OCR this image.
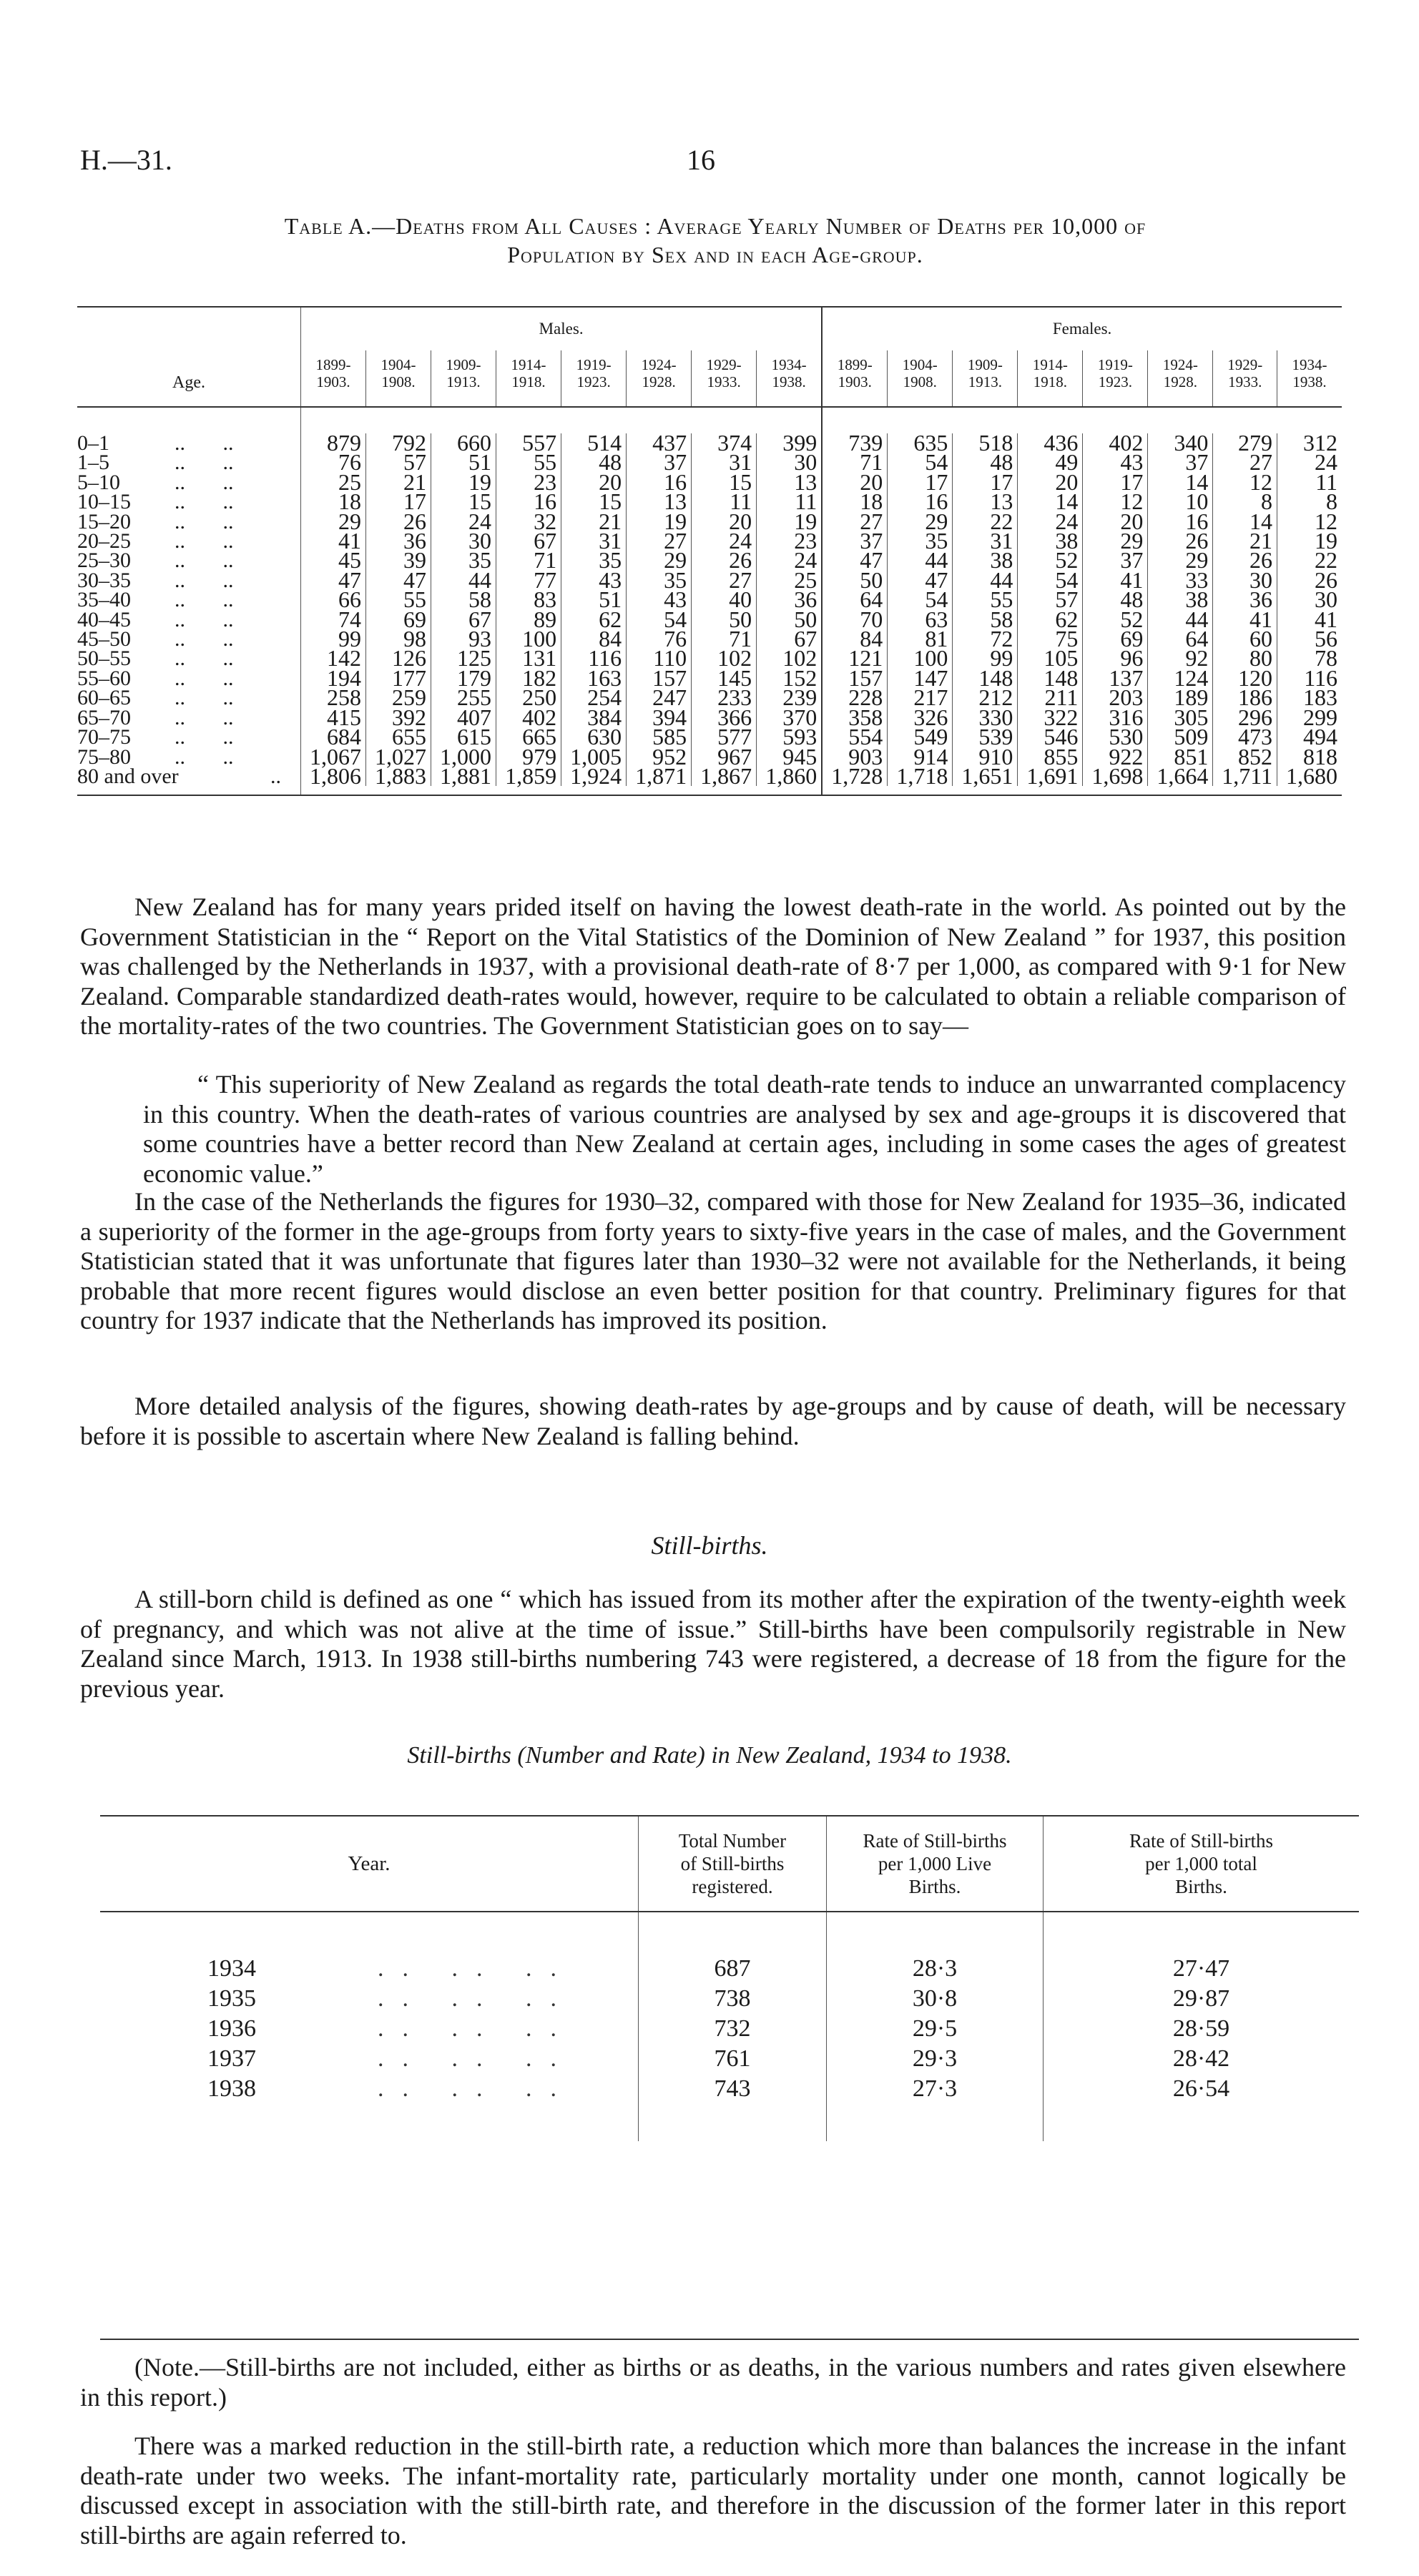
H.—31.	16
Table A.—Deaths from All Causes : Average Yearly Number of Deaths per 10,000 of
Population by Sex and in each Age-group.
Age.	Males.								Females.							
	1899-
1903.	1904-
1908.	1909-
1913.	1914-
1918.	1919-
1923.	1924-
1928.	1929-
1933.	1934-
1938.	1899-
1903.	1904-
1908.	1909-
1913.	1914-
1918.	1919-
1923.	1924-
1928.	1929-
1933.	1934-
1938.

0–1 ..       ..	879	792	660	557	514	437	374	399	739	635	518	436	402	340	279	312
1–5 ..       ..	76	57	51	55	48	37	31	30	71	54	48	49	43	37	27	24
5–10 ..       ..	25	21	19	23	20	16	15	13	20	17	17	20	17	14	12	11
10–15 ..       ..	18	17	15	16	15	13	11	11	18	16	13	14	12	10	8	8
15–20 ..       ..	29	26	24	32	21	19	20	19	27	29	22	24	20	16	14	12
20–25 ..       ..	41	36	30	67	31	27	24	23	37	35	31	38	29	26	21	19
25–30 ..       ..	45	39	35	71	35	29	26	24	47	44	38	52	37	29	26	22
30–35 ..       ..	47	47	44	77	43	35	27	25	50	47	44	54	41	33	30	26
35–40 ..       ..	66	55	58	83	51	43	40	36	64	54	55	57	48	38	36	30
40–45 ..       ..	74	69	67	89	62	54	50	50	70	63	58	62	52	44	41	41
45–50 ..       ..	99	98	93	100	84	76	71	67	84	81	72	75	69	64	60	56
50–55 ..       ..	142	126	125	131	116	110	102	102	121	100	99	105	96	92	80	78
55–60 ..       ..	194	177	179	182	163	157	145	152	157	147	148	148	137	124	120	116
60–65 ..       ..	258	259	255	250	254	247	233	239	228	217	212	211	203	189	186	183
65–70 ..       ..	415	392	407	402	384	394	366	370	358	326	330	322	316	305	296	299
70–75 ..       ..	684	655	615	665	630	585	577	593	554	549	539	546	530	509	473	494
75–80 ..       ..	1,067	1,027	1,000	979	1,005	952	967	945	903	914	910	855	922	851	852	818
80 and over ..	1,806	1,883	1,881	1,859	1,924	1,871	1,867	1,860	1,728	1,718	1,651	1,691	1,698	1,664	1,711	1,680

New Zealand has for many years prided itself on having the lowest death-rate in the world. As pointed out by the Government Statistician in the “ Report on the Vital Statistics of the Dominion of New Zealand ” for 1937, this position was challenged by the Netherlands in 1937, with a provisional death-rate of 8·7 per 1,000, as compared with 9·1 for New Zealand. Comparable standardized death-rates would, however, require to be calculated to obtain a reliable comparison of the mortality-rates of the two countries. The Government Statistician goes on to say—
“ This superiority of New Zealand as regards the total death-rate tends to induce an unwarranted complacency in this country. When the death-rates of various countries are analysed by sex and age-groups it is discovered that some countries have a better record than New Zealand at certain ages, including in some cases the ages of greatest economic value.”
In the case of the Netherlands the figures for 1930–32, compared with those for New Zealand for 1935–36, indicated a superiority of the former in the age-groups from forty years to sixty-five years in the case of males, and the Government Statistician stated that it was unfortunate that figures later than 1930–32 were not available for the Netherlands, it being probable that more recent figures would disclose an even better position for that country. Preliminary figures for that country for 1937 indicate that the Netherlands has improved its position.
More detailed analysis of the figures, showing death-rates by age-groups and by cause of death, will be necessary before it is possible to ascertain where New Zealand is falling behind.
Still-births.
A still-born child is defined as one “ which has issued from its mother after the expiration of the twenty-eighth week of pregnancy, and which was not alive at the time of issue.” Still-births have been compulsorily registrable in New Zealand since March, 1913. In 1938 still-births numbering 743 were registered, a decrease of 18 from the figure for the previous year.
Still-births (Number and Rate) in New Zealand, 1934 to 1938.
Year.	Total Number
of Still-births
registered.	Rate of Still-births
per 1,000 Live
Births.	Rate of Still-births
per 1,000 total
Births.

1934 .. .. ..	687	28·3	27·47
1935 .. .. ..	738	30·8	29·87
1936 .. .. ..	732	29·5	28·59
1937 .. .. ..	761	29·3	28·42
1938 .. .. ..	743	27·3	26·54

(Note.—Still-births are not included, either as births or as deaths, in the various numbers and rates given elsewhere in this report.)
There was a marked reduction in the still-birth rate, a reduction which more than balances the increase in the infant death-rate under two weeks. The infant-mortality rate, particularly mortality under one month, cannot logically be discussed except in association with the still-birth rate, and therefore in the discussion of the former later in this report still-births are again referred to.
